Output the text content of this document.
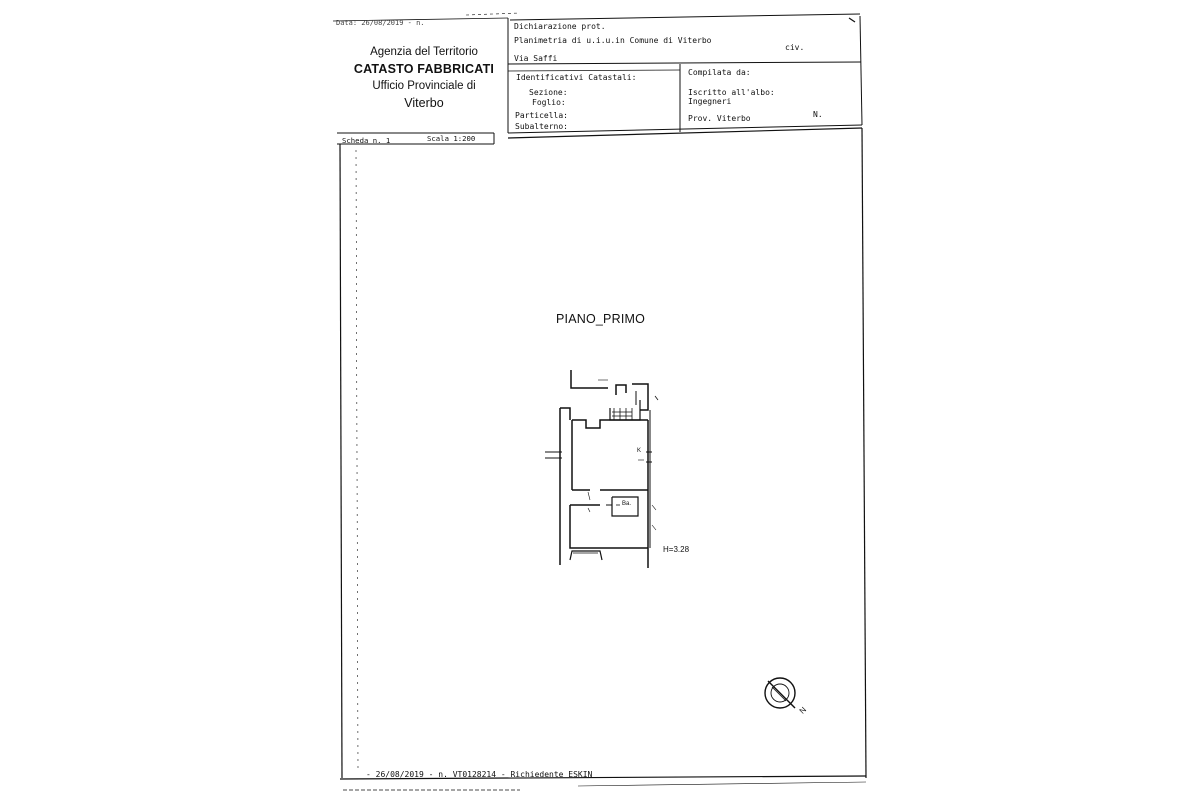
Data: 26/08/2019 - n.
Agenzia del Territorio
CATASTO FABBRICATI
Ufficio Provinciale di
Viterbo
Dichiarazione prot.
Planimetria di u.i.u.in Comune di Viterbo
civ.
Via Saffi
Identificativi Catastali:
Sezione:
Foglio:
Particella:
Subalterno:
Compilata da:
Iscritto all'albo:
Ingegneri
Prov. Viterbo	N.
Scheda n. 1	Scala 1:200
PIANO_PRIMO
K
Ba.
H=3.28
N
- 26/08/2019 - n. VT0128214 - Richiedente ESKIN
